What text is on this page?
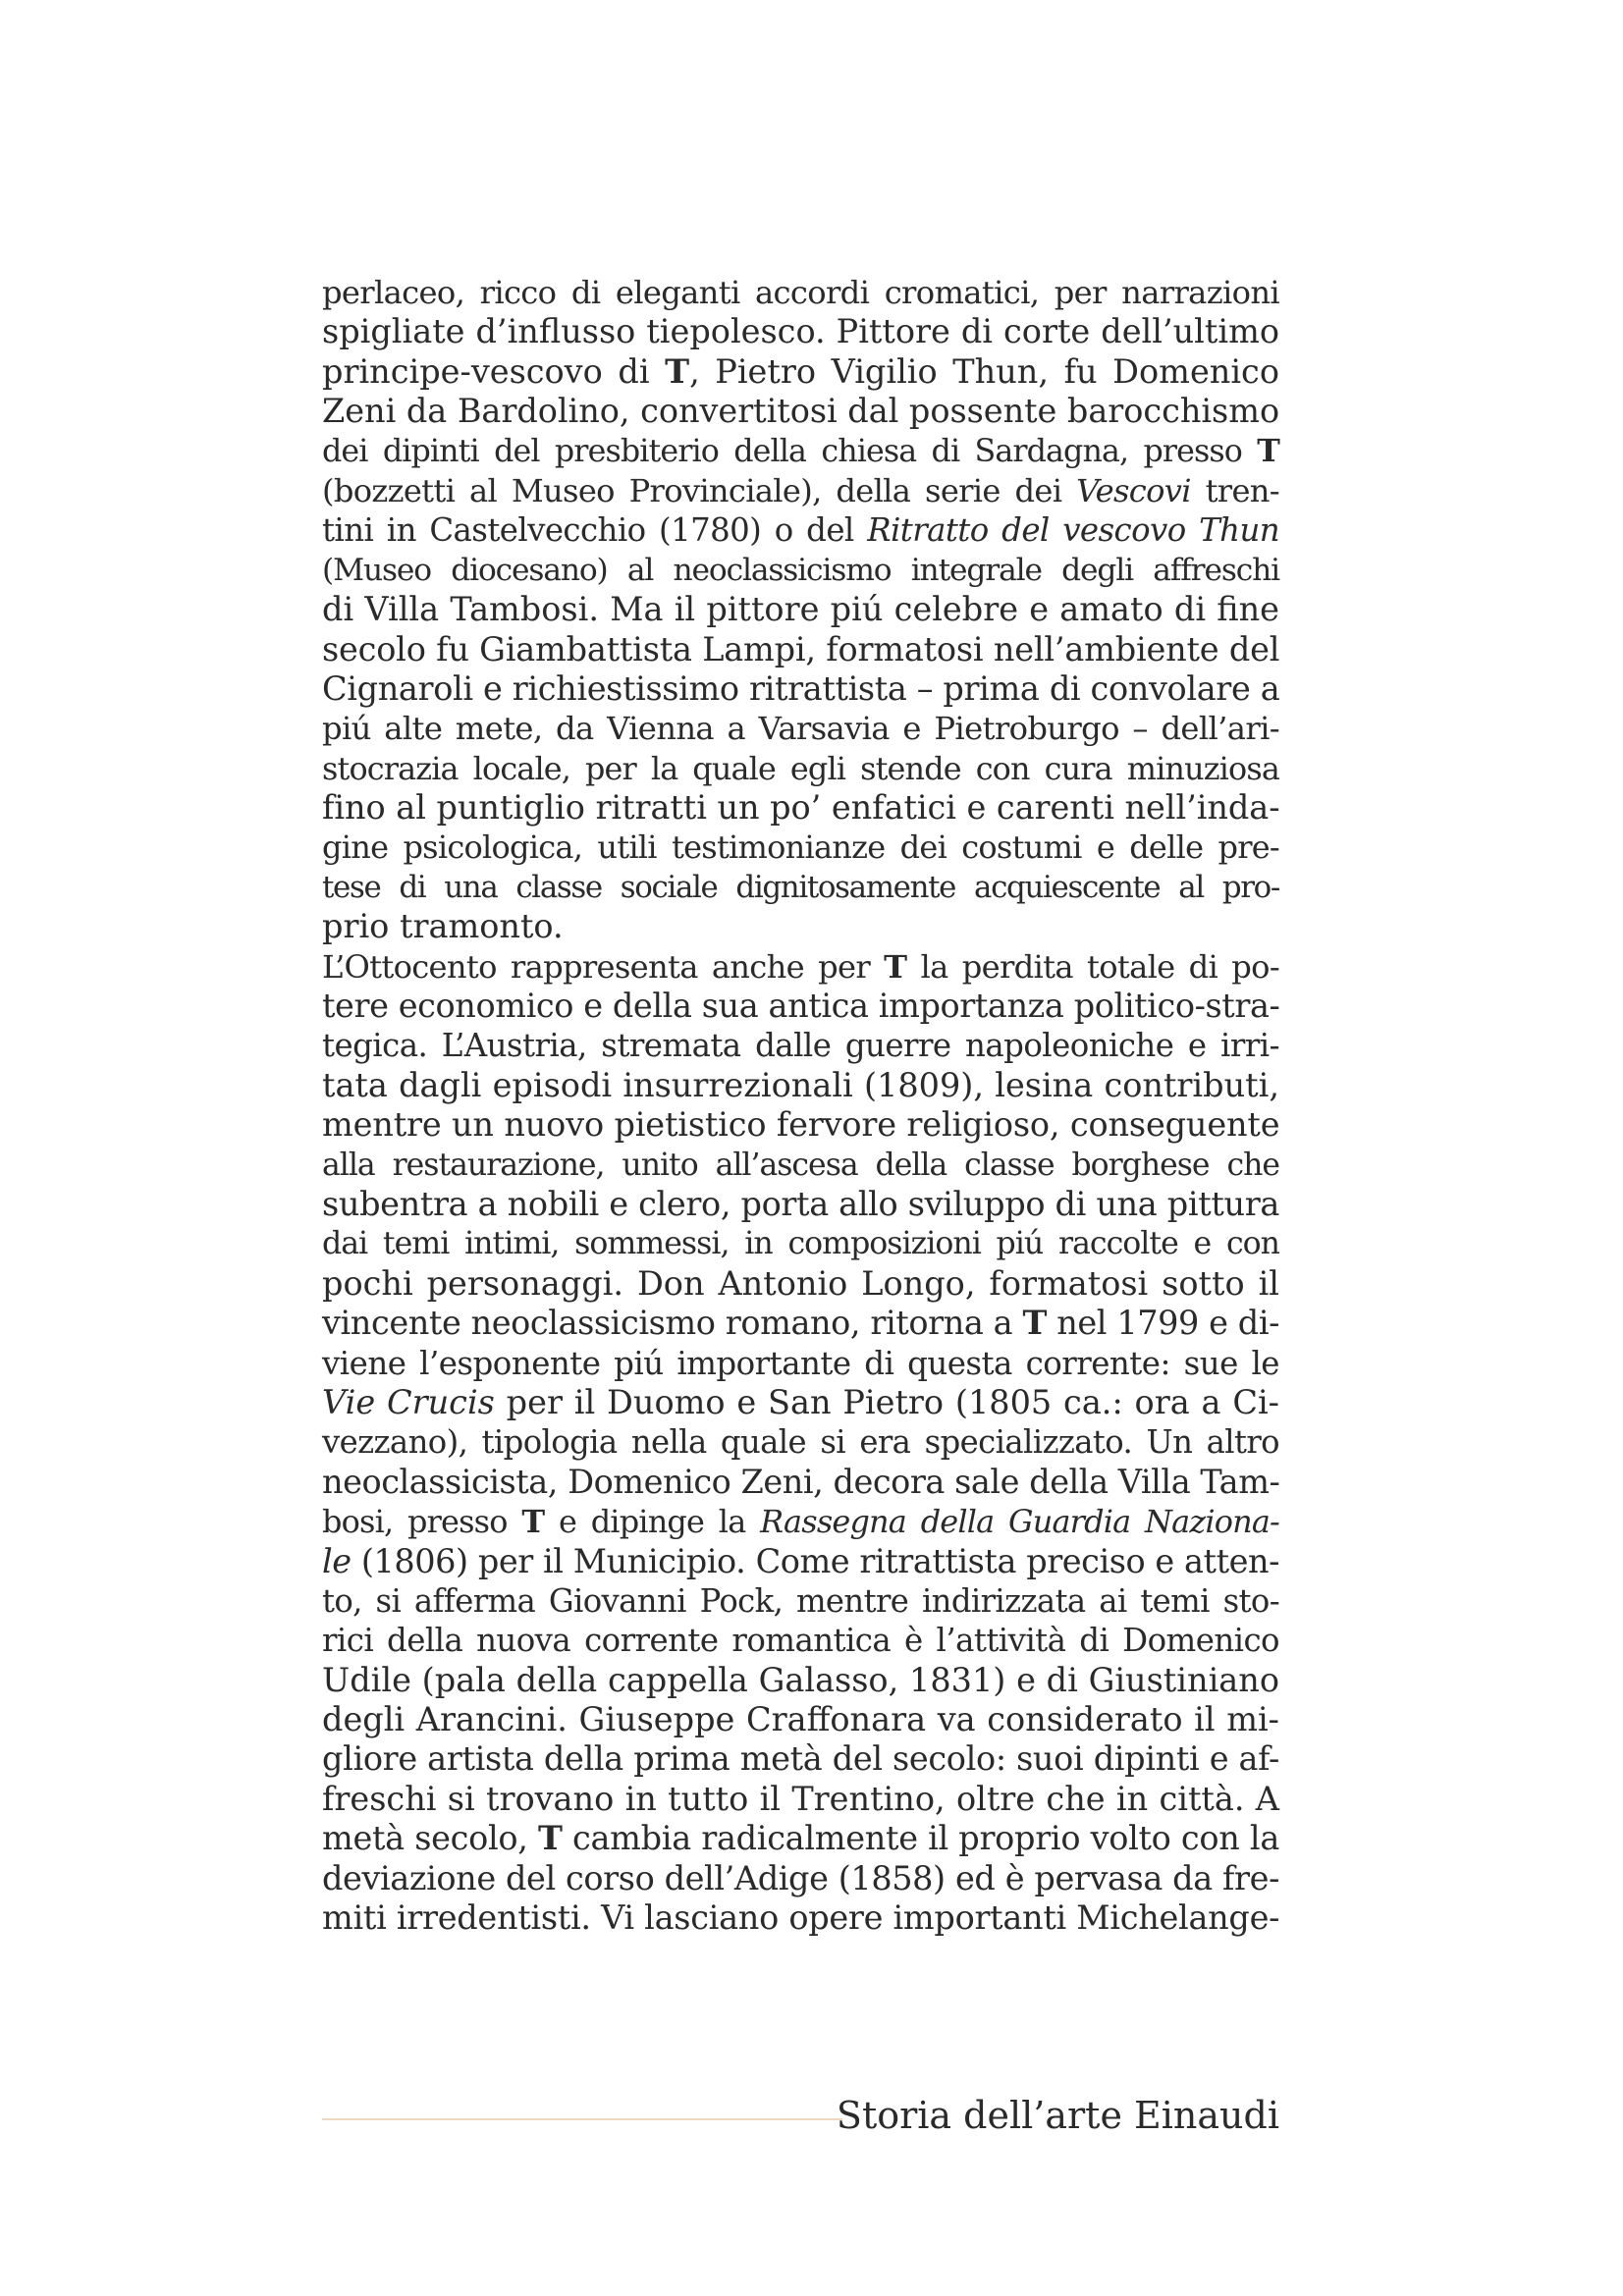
perlaceo, ricco di eleganti accordi cromatici, per narrazioni
spigliate d’influsso tiepolesco. Pittore di corte dell’ultimo
principe-vescovo di T, Pietro Vigilio Thun, fu Domenico
Zeni da Bardolino, convertitosi dal possente barocchismo
dei dipinti del presbiterio della chiesa di Sardagna, presso T
(bozzetti al Museo Provinciale), della serie dei Vescovi tren-
tini in Castelvecchio (1780) o del Ritratto del vescovo Thun
(Museo diocesano) al neoclassicismo integrale degli affreschi
di Villa Tambosi. Ma il pittore piú celebre e amato di fine
secolo fu Giambattista Lampi, formatosi nell’ambiente del
Cignaroli e richiestissimo ritrattista – prima di convolare a
piú alte mete, da Vienna a Varsavia e Pietroburgo – dell’ari-
stocrazia locale, per la quale egli stende con cura minuziosa
fino al puntiglio ritratti un po’ enfatici e carenti nell’inda-
gine psicologica, utili testimonianze dei costumi e delle pre-
tese di una classe sociale dignitosamente acquiescente al pro-
prio tramonto.
L’Ottocento rappresenta anche per T la perdita totale di po-
tere economico e della sua antica importanza politico-stra-
tegica. L’Austria, stremata dalle guerre napoleoniche e irri-
tata dagli episodi insurrezionali (1809), lesina contributi,
mentre un nuovo pietistico fervore religioso, conseguente
alla restaurazione, unito all’ascesa della classe borghese che
subentra a nobili e clero, porta allo sviluppo di una pittura
dai temi intimi, sommessi, in composizioni piú raccolte e con
pochi personaggi. Don Antonio Longo, formatosi sotto il
vincente neoclassicismo romano, ritorna a T nel 1799 e di-
viene l’esponente piú importante di questa corrente: sue le
Vie Crucis per il Duomo e San Pietro (1805 ca.: ora a Ci-
vezzano), tipologia nella quale si era specializzato. Un altro
neoclassicista, Domenico Zeni, decora sale della Villa Tam-
bosi, presso T e dipinge la Rassegna della Guardia Nazionа-
le (1806) per il Municipio. Come ritrattista preciso e atten-
to, si afferma Giovanni Pock, mentre indirizzata ai temi sto-
rici della nuova corrente romantica è l’attività di Domenico
Udile (pala della cappella Galasso, 1831) e di Giustiniano
degli Arancini. Giuseppe Craffonara va considerato il mi-
gliore artista della prima metà del secolo: suoi dipinti e af-
freschi si trovano in tutto il Trentino, oltre che in città. A
metà secolo, T cambia radicalmente il proprio volto con la
deviazione del corso dell’Adige (1858) ed è pervasa da fre-
miti irredentisti. Vi lasciano opere importanti Michelange-
Storia dell’arte Einaudi
